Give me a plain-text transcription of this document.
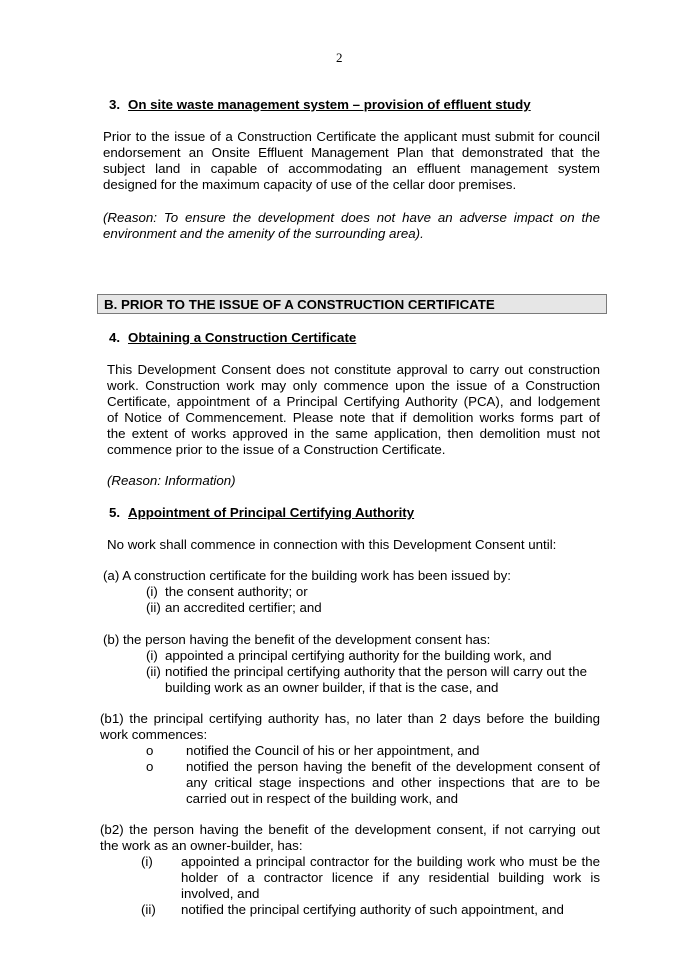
2
3. On site waste management system – provision of effluent study
Prior to the issue of a Construction Certificate the applicant must submit for council
endorsement an Onsite Effluent Management Plan that demonstrated that the
subject land in capable of accommodating an effluent management system
designed for the maximum capacity of use of the cellar door premises.
(Reason: To ensure the development does not have an adverse impact on the
environment and the amenity of the surrounding area).
B. PRIOR TO THE ISSUE OF A CONSTRUCTION CERTIFICATE
4. Obtaining a Construction Certificate
This Development Consent does not constitute approval to carry out construction
work. Construction work may only commence upon the issue of a Construction
Certificate, appointment of a Principal Certifying Authority (PCA), and lodgement
of Notice of Commencement. Please note that if demolition works forms part of
the extent of works approved in the same application, then demolition must not
commence prior to the issue of a Construction Certificate.
(Reason: Information)
5. Appointment of Principal Certifying Authority
No work shall commence in connection with this Development Consent until:
(a) A construction certificate for the building work has been issued by:
(i) the consent authority; or
(ii) an accredited certifier; and
(b) the person having the benefit of the development consent has:
(i) appointed a principal certifying authority for the building work, and
(ii) notified the principal certifying authority that the person will carry out the
building work as an owner builder, if that is the case, and
(b1) the principal certifying authority has, no later than 2 days before the building
work commences:
o notified the Council of his or her appointment, and
o notified the person having the benefit of the development consent of
any critical stage inspections and other inspections that are to be
carried out in respect of the building work, and
(b2) the person having the benefit of the development consent, if not carrying out
the work as an owner-builder, has:
(i) appointed a principal contractor for the building work who must be the
holder of a contractor licence if any residential building work is
involved, and
(ii) notified the principal certifying authority of such appointment, and
